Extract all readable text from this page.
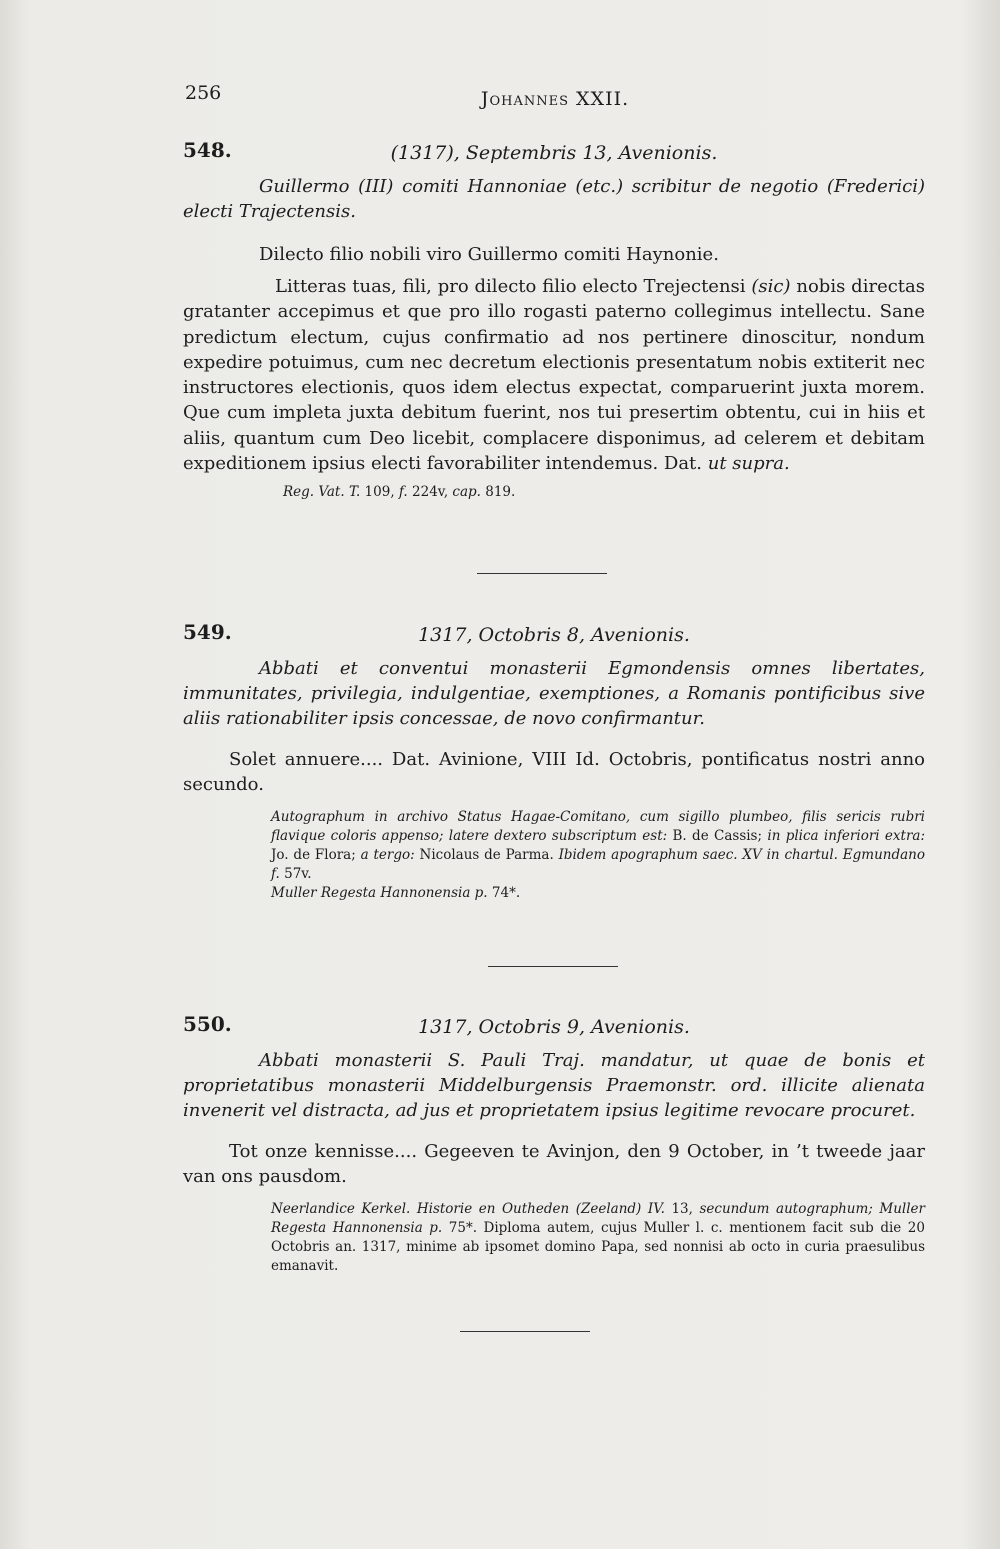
256	Johannes XXII.
548.	(1317), Septembris 13, Avenionis.

Guillermo (III) comiti Hannoniae (etc.) scribitur de negotio (Frederici) electi Trajectensis.

Dilecto filio nobili viro Guillermo comiti Haynonie.

Litteras tuas, fili, pro dilecto filio electo Trejectensi (sic) nobis directas gratanter accepimus et que pro illo rogasti paterno collegimus intellectu. Sane predictum electum, cujus confirmatio ad nos pertinere dinoscitur, nondum expedire potuimus, cum nec decretum electionis presentatum nobis extiterit nec instructores electionis, quos idem electus expectat, comparuerint juxta morem. Que cum impleta juxta debitum fuerint, nos tui presertim obtentu, cui in hiis et aliis, quantum cum Deo licebit, complacere disponimus, ad celerem et debitam expeditionem ipsius electi favorabiliter intendemus. Dat. ut supra.

Reg. Vat. T. 109, f. 224v, cap. 819.

549.	1317, Octobris 8, Avenionis.

Abbati et conventui monasterii Egmondensis omnes libertates, immunitates, privilegia, indulgentiae, exemptiones, a Romanis pontificibus sive aliis rationabiliter ipsis concessae, de novo confirmantur.

Solet annuere.... Dat. Avinione, VIII Id. Octobris, pontificatus nostri anno secundo.

Autographum in archivo Status Hagae-Comitano, cum sigillo plumbeo, filis sericis rubri flavique coloris appenso; latere dextero subscriptum est: B. de Cassis; in plica inferiori extra: Jo. de Flora; a tergo: Nicolaus de Parma. Ibidem apographum saec. XV in chartul. Egmundano f. 57v.
Muller Regesta Hannonensia p. 74*.

550.	1317, Octobris 9, Avenionis.

Abbati monasterii S. Pauli Traj. mandatur, ut quae de bonis et proprietatibus monasterii Middelburgensis Praemonstr. ord. illicite alienata invenerit vel distracta, ad jus et proprietatem ipsius legitime revocare procuret.

Tot onze kennisse.... Gegeeven te Avinjon, den 9 October, in ’t tweede jaar van ons pausdom.

Neerlandice Kerkel. Historie en Outheden (Zeeland) IV. 13, secundum autographum; Muller Regesta Hannonensia p. 75*. Diploma autem, cujus Muller l. c. mentionem facit sub die 20 Octobris an. 1317, minime ab ipsomet domino Papa, sed nonnisi ab octo in curia praesulibus emanavit.
